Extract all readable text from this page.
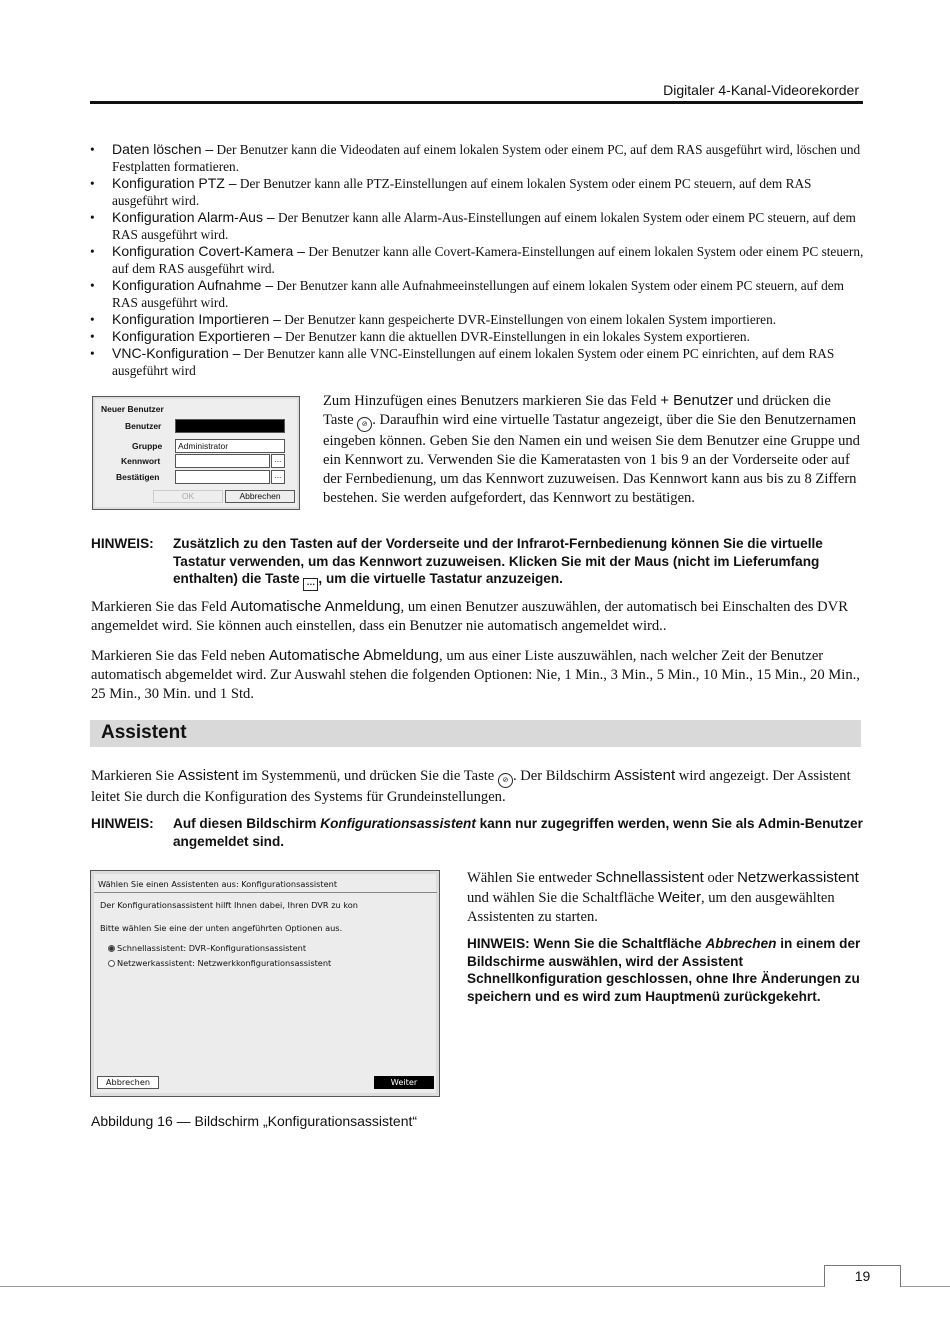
Digitaler 4-Kanal-Videorekorder
• Daten löschen – Der Benutzer kann die Videodaten auf einem lokalen System oder einem PC, auf dem RAS ausgeführt wird, löschen und Festplatten formatieren.
• Konfiguration PTZ – Der Benutzer kann alle PTZ-Einstellungen auf einem lokalen System oder einem PC steuern, auf dem RAS ausgeführt wird.
• Konfiguration Alarm-Aus – Der Benutzer kann alle Alarm-Aus-Einstellungen auf einem lokalen System oder einem PC steuern, auf dem RAS ausgeführt wird.
• Konfiguration Covert-Kamera – Der Benutzer kann alle Covert-Kamera-Einstellungen auf einem lokalen System oder einem PC steuern, auf dem RAS ausgeführt wird.
• Konfiguration Aufnahme – Der Benutzer kann alle Aufnahmeeinstellungen auf einem lokalen System oder einem PC steuern, auf dem RAS ausgeführt wird.
• Konfiguration Importieren – Der Benutzer kann gespeicherte DVR-Einstellungen von einem lokalen System importieren.
• Konfiguration Exportieren – Der Benutzer kann die aktuellen DVR-Einstellungen in ein lokales System exportieren.
• VNC-Konfiguration – Der Benutzer kann alle VNC-Einstellungen auf einem lokalen System oder einem PC einrichten, auf dem RAS ausgeführt wird
Neuer Benutzer
Benutzer
Gruppe	Administrator
Kennwort	...
Bestätigen	...
OK	Abbrechen
Zum Hinzufügen eines Benutzers markieren Sie das Feld + Benutzer und drücken die Taste ⊘ . Daraufhin wird eine virtuelle Tastatur angezeigt, über die Sie den Benutzernamen eingeben können. Geben Sie den Namen ein und weisen Sie dem Benutzer eine Gruppe und ein Kennwort zu. Verwenden Sie die Kameratasten von 1 bis 9 an der Vorderseite oder auf der Fernbedienung, um das Kennwort zuzuweisen. Das Kennwort kann aus bis zu 8 Ziffern bestehen. Sie werden aufgefordert, das Kennwort zu bestätigen.
HINWEIS: Zusätzlich zu den Tasten auf der Vorderseite und der Infrarot-Fernbedienung können Sie die virtuelle Tastatur verwenden, um das Kennwort zuzuweisen. Klicken Sie mit der Maus (nicht im Lieferumfang enthalten) die Taste … , um die virtuelle Tastatur anzuzeigen.
Markieren Sie das Feld Automatische Anmeldung, um einen Benutzer auszuwählen, der automatisch bei Einschalten des DVR angemeldet wird. Sie können auch einstellen, dass ein Benutzer nie automatisch angemeldet wird..
Markieren Sie das Feld neben Automatische Abmeldung, um aus einer Liste auszuwählen, nach welcher Zeit der Benutzer automatisch abgemeldet wird. Zur Auswahl stehen die folgenden Optionen: Nie, 1 Min., 3 Min., 5 Min., 10 Min., 15 Min., 20 Min., 25 Min., 30 Min. und 1 Std.
Assistent
Markieren Sie Assistent im Systemmenü, und drücken Sie die Taste ⊘ . Der Bildschirm Assistent wird angezeigt. Der Assistent leitet Sie durch die Konfiguration des Systems für Grundeinstellungen.
HINWEIS: Auf diesen Bildschirm Konfigurationsassistent kann nur zugegriffen werden, wenn Sie als Admin-Benutzer angemeldet sind.
Wählen Sie einen Assistenten aus: Konfigurationsassistent
Der Konfigurationsassistent hilft Ihnen dabei, Ihren DVR zu kon
Bitte wählen Sie eine der unten angeführten Optionen aus.
Schnellassistent: DVR–Konfigurationsassistent
Netzwerkassistent: Netzwerkkonfigurationsassistent
Abbrechen	Weiter
Wählen Sie entweder Schnellassistent oder Netzwerkassistent und wählen Sie die Schaltfläche Weiter, um den ausgewählten Assistenten zu starten.
HINWEIS: Wenn Sie die Schaltfläche Abbrechen in einem der Bildschirme auswählen, wird der Assistent Schnellkonfiguration geschlossen, ohne Ihre Änderungen zu speichern und es wird zum Hauptmenü zurückgekehrt.
Abbildung 16 — Bildschirm „Konfigurationsassistent“
19
